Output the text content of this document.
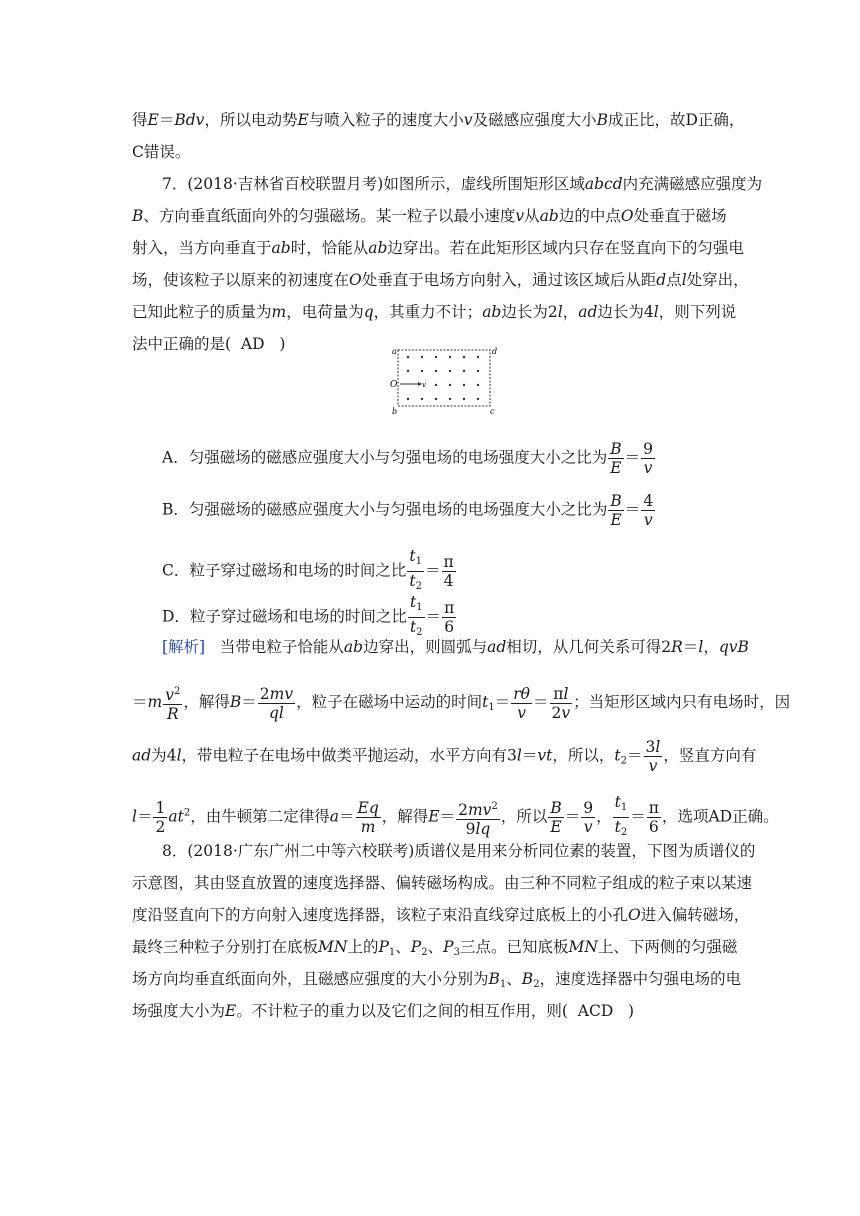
得E＝Bdv，所以电动势E与喷入粒子的速度大小v及磁感应强度大小B成正比，故D正确，
C错误。
7．(2018·吉林省百校联盟月考)如图所示，虚线所围矩形区域abcd内充满磁感应强度为
B、方向垂直纸面向外的匀强磁场。某一粒子以最小速度v从ab边的中点O处垂直于磁场
射入，当方向垂直于ab时，恰能从ab边穿出。若在此矩形区域内只存在竖直向下的匀强电
场，使该粒子以原来的初速度在O处垂直于电场方向射入，通过该区域后从距d点l处穿出，
已知此粒子的质量为m，电荷量为q，其重力不计；ab边长为2l，ad边长为4l，则下列说
法中正确的是( AD )	a	d
b	c
O	v
A．匀强磁场的磁感应强度大小与匀强电场的电场强度大小之比为 $\frac{B}{E} = \frac{9}{v}$
B．匀强磁场的磁感应强度大小与匀强电场的电场强度大小之比为 $\frac{B}{E} = \frac{4}{v}$
C．粒子穿过磁场和电场的时间之比 $\frac{t_1}{t_2} = \frac{\pi}{4}$
D．粒子穿过磁场和电场的时间之比 $\frac{t_1}{t_2} = \frac{\pi}{6}$
[解析] 当带电粒子恰能从ab边穿出，则圆弧与ad相切，从几何关系可得2R＝l，qvB
$=m \frac{v^2}{R}$ ，解得$B= \frac{2mv}{ql}$ ，粒子在磁场中运动的时间$t_1= \frac{r\theta}{v} = \frac{\pi l}{2v}$ ；当矩形区域内只有电场时，因
ad为4l，带电粒子在电场中做类平抛运动，水平方向有3l＝vt，所以，$t_2= \frac{3l}{v}$ ，竖直方向有
$l= \frac{1}{2} at^2$，由牛顿第二定律得$a= \frac{Eq}{m}$ ，解得$E= \frac{2mv^2}{9lq}$ ，所以 $\frac{B}{E} = \frac{9}{v}$ ， $\frac{t_1}{t_2} = \frac{\pi}{6}$ ，选项AD正确。
8．(2018·广东广州二中等六校联考)质谱仪是用来分析同位素的装置，下图为质谱仪的
示意图，其由竖直放置的速度选择器、偏转磁场构成。由三种不同粒子组成的粒子束以某速
度沿竖直向下的方向射入速度选择器，该粒子束沿直线穿过底板上的小孔O进入偏转磁场，
最终三种粒子分别打在底板MN上的$P_1$、$P_2$、$P_3$三点。已知底板MN上、下两侧的匀强磁
场方向均垂直纸面向外，且磁感应强度的大小分别为$B_1$、$B_2$，速度选择器中匀强电场的电
场强度大小为E。不计粒子的重力以及它们之间的相互作用，则( ACD )
